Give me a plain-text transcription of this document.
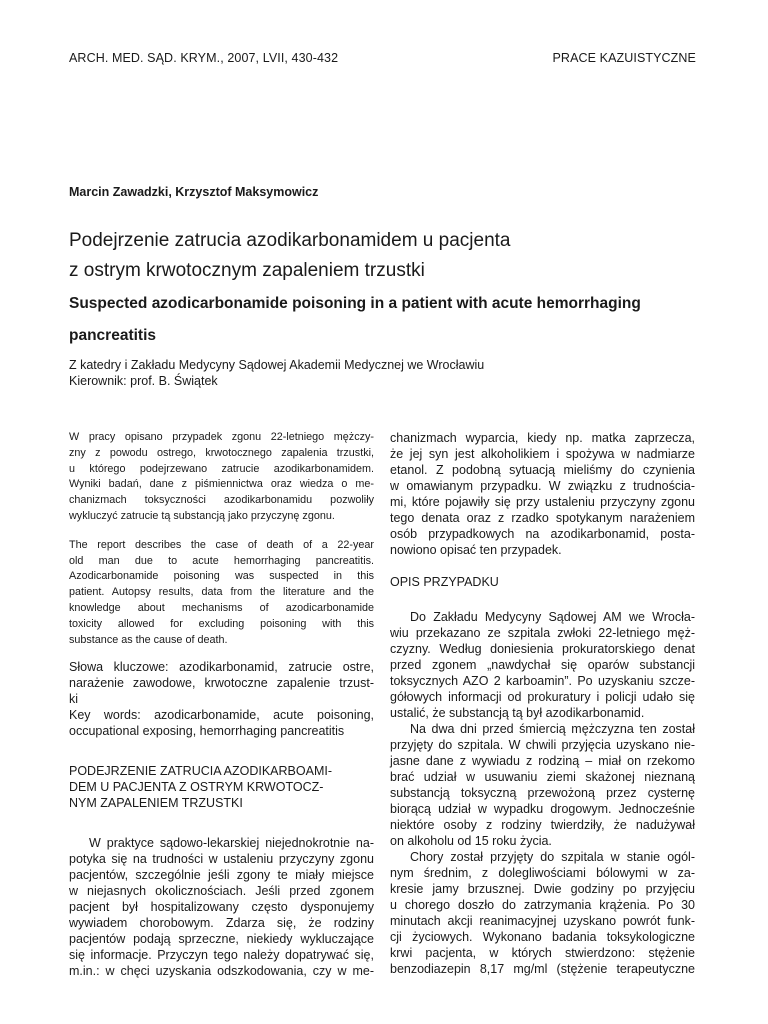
ARCH. MED. SĄD. KRYM., 2007, LVII, 430-432	PRACE KAZUISTYCZNE
Marcin Zawadzki, Krzysztof Maksymowicz
Podejrzenie zatrucia azodikarbonamidem u pacjenta
z ostrym krwotocznym zapaleniem trzustki
Suspected azodicarbonamide poisoning in a patient with acute hemorrhaging
pancreatitis
Z katedry i Zakładu Medycyny Sądowej Akademii Medycznej we Wrocławiu
Kierownik: prof. B. Świątek
W pracy opisano przypadek zgonu 22-letniego mężczy-
zny z powodu ostrego, krwotocznego zapalenia trzustki,
u którego podejrzewano zatrucie azodikarbonamidem.
Wyniki badań, dane z piśmiennictwa oraz wiedza o me-
chanizmach toksyczności azodikarbonamidu pozwoliły
wykluczyć zatrucie tą substancją jako przyczynę zgonu.
The report describes the case of death of a 22-year
old man due to acute hemorrhaging pancreatitis.
Azodicarbonamide poisoning was suspected in this
patient. Autopsy results, data from the literature and the
knowledge about mechanisms of azodicarbonamide
toxicity allowed for excluding poisoning with this
substance as the cause of death.
Słowa kluczowe: azodikarbonamid, zatrucie ostre,
narażenie zawodowe, krwotoczne zapalenie trzust-
ki
Key words: azodicarbonamide, acute poisoning,
occupational exposing, hemorrhaging pancreatitis
PODEJRZENIE ZATRUCIA AZODIKARBOAMI-
DEM U PACJENTA Z OSTRYM KRWOTOCZ-
NYM ZAPALENIEM TRZUSTKI
W praktyce sądowo-lekarskiej niejednokrotnie na-
potyka się na trudności w ustaleniu przyczyny zgonu
pacjentów, szczególnie jeśli zgony te miały miejsce
w niejasnych okolicznościach. Jeśli przed zgonem
pacjent był hospitalizowany często dysponujemy
wywiadem chorobowym. Zdarza się, że rodziny
pacjentów podają sprzeczne, niekiedy wykluczające
się informacje. Przyczyn tego należy dopatrywać się,
m.in.: w chęci uzyskania odszkodowania, czy w me-
chanizmach wyparcia, kiedy np. matka zaprzecza,
że jej syn jest alkoholikiem i spożywa w nadmiarze
etanol. Z podobną sytuacją mieliśmy do czynienia
w omawianym przypadku. W związku z trudnościa-
mi, które pojawiły się przy ustaleniu przyczyny zgonu
tego denata oraz z rzadko spotykanym narażeniem
osób przypadkowych na azodikarbonamid, posta-
nowiono opisać ten przypadek.
OPIS PRZYPADKU
Do Zakładu Medycyny Sądowej AM we Wrocła-
wiu przekazano ze szpitala zwłoki 22-letniego męż-
czyzny. Według doniesienia prokuratorskiego denat
przed zgonem „nawdychał się oparów substancji
toksycznych AZO 2 karboamin”. Po uzyskaniu szcze-
gółowych informacji od prokuratury i policji udało się
ustalić, że substancją tą był azodikarbonamid.
Na dwa dni przed śmiercią mężczyzna ten został
przyjęty do szpitala. W chwili przyjęcia uzyskano nie-
jasne dane z wywiadu z rodziną – miał on rzekomo
brać udział w usuwaniu ziemi skażonej nieznaną
substancją toksyczną przewożoną przez cysternę
biorącą udział w wypadku drogowym. Jednocześnie
niektóre osoby z rodziny twierdziły, że nadużywał
on alkoholu od 15 roku życia.
Chory został przyjęty do szpitala w stanie ogól-
nym średnim, z dolegliwościami bólowymi w za-
kresie jamy brzusznej. Dwie godziny po przyjęciu
u chorego doszło do zatrzymania krążenia. Po 30
minutach akcji reanimacyjnej uzyskano powrót funk-
cji życiowych. Wykonano badania toksykologiczne
krwi pacjenta, w których stwierdzono: stężenie
benzodiazepin 8,17 mg/ml (stężenie terapeutyczne
